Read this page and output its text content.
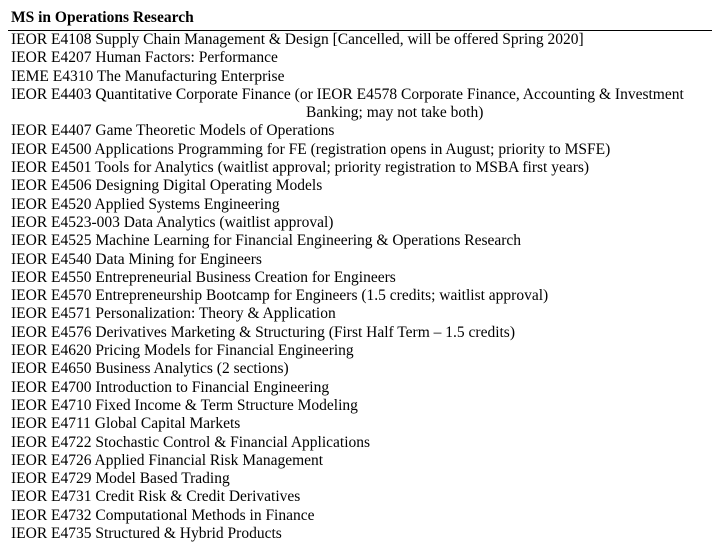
MS in Operations Research
IEOR E4108 Supply Chain Management & Design [Cancelled, will be offered Spring 2020]
IEOR E4207 Human Factors: Performance
IEME E4310 The Manufacturing Enterprise
IEOR E4403 Quantitative Corporate Finance (or IEOR E4578 Corporate Finance, Accounting & Investment
Banking; may not take both)
IEOR E4407 Game Theoretic Models of Operations
IEOR E4500 Applications Programming for FE (registration opens in August; priority to MSFE)
IEOR E4501 Tools for Analytics (waitlist approval; priority registration to MSBA first years)
IEOR E4506 Designing Digital Operating Models
IEOR E4520 Applied Systems Engineering
IEOR E4523-003 Data Analytics (waitlist approval)
IEOR E4525 Machine Learning for Financial Engineering & Operations Research
IEOR E4540 Data Mining for Engineers
IEOR E4550 Entrepreneurial Business Creation for Engineers
IEOR E4570 Entrepreneurship Bootcamp for Engineers (1.5 credits; waitlist approval)
IEOR E4571 Personalization: Theory & Application
IEOR E4576 Derivatives Marketing & Structuring (First Half Term – 1.5 credits)
IEOR E4620 Pricing Models for Financial Engineering
IEOR E4650 Business Analytics (2 sections)
IEOR E4700 Introduction to Financial Engineering
IEOR E4710 Fixed Income & Term Structure Modeling
IEOR E4711 Global Capital Markets
IEOR E4722 Stochastic Control & Financial Applications
IEOR E4726 Applied Financial Risk Management
IEOR E4729 Model Based Trading
IEOR E4731 Credit Risk & Credit Derivatives
IEOR E4732 Computational Methods in Finance
IEOR E4735 Structured & Hybrid Products
